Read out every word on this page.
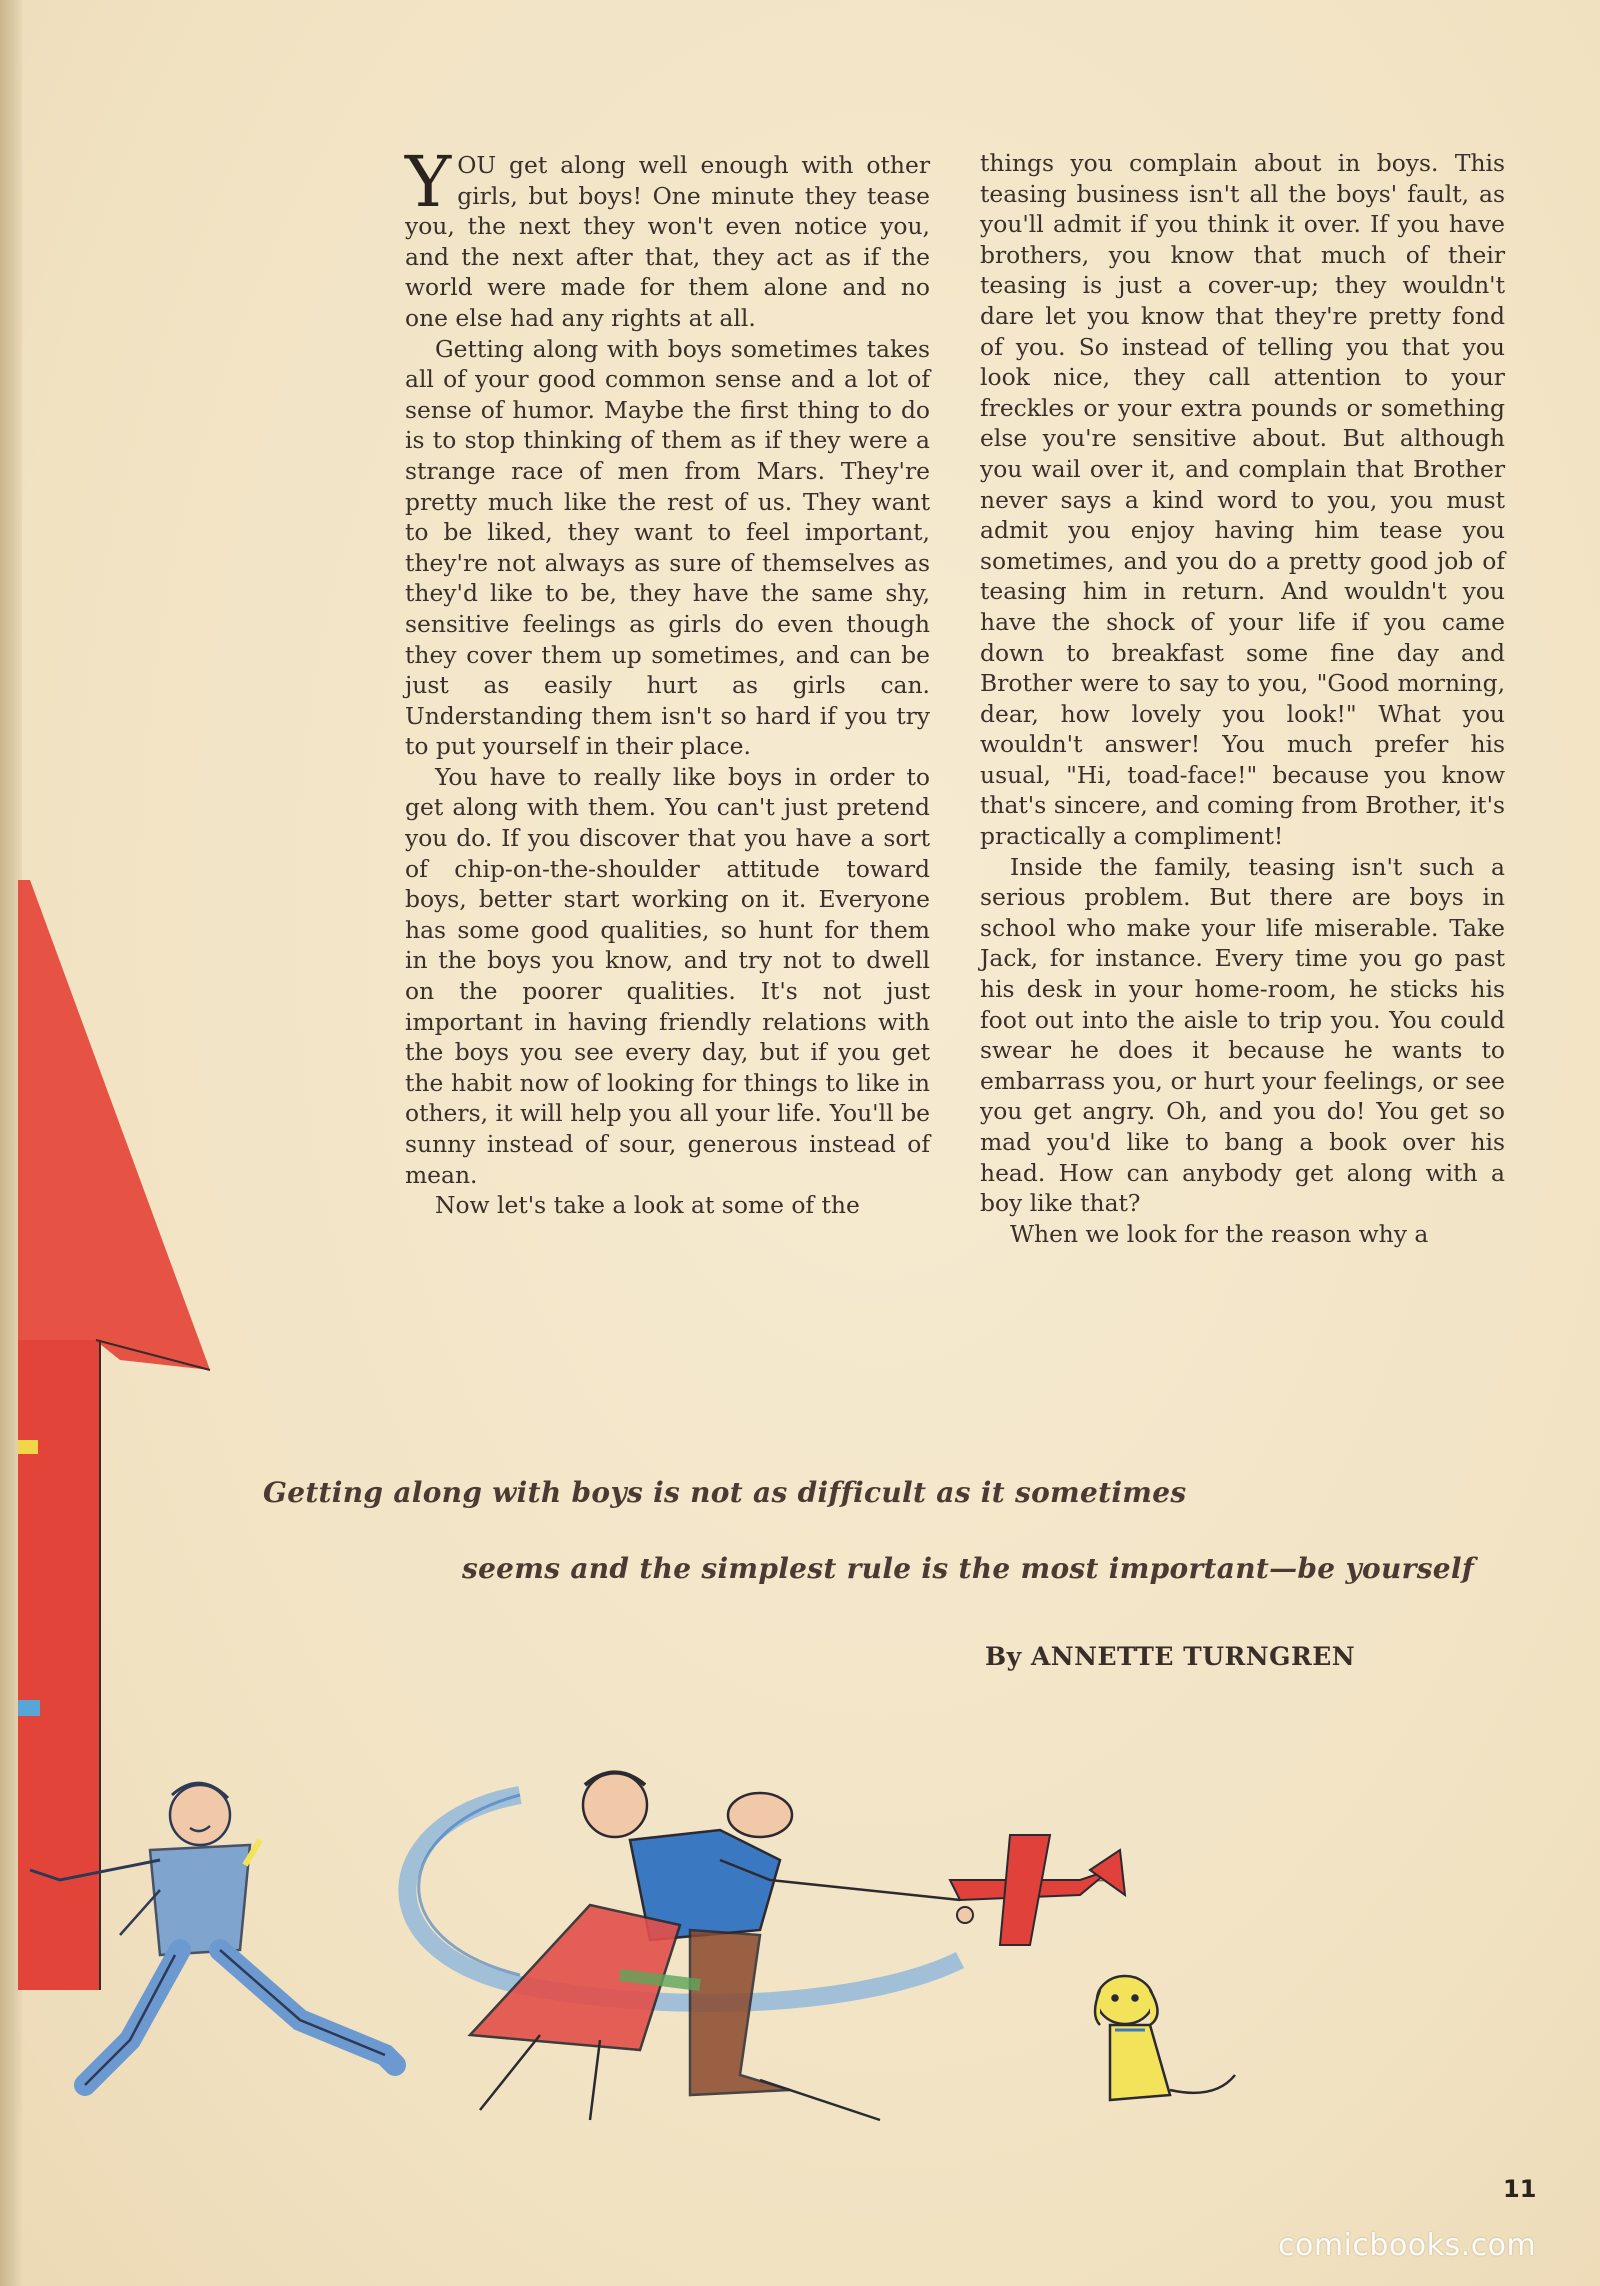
YOU get along well enough with other girls, but boys! One minute they tease you, the next they won't even notice you, and the next after that, they act as if the world were made for them alone and no one else had any rights at all.

Getting along with boys sometimes takes all of your good common sense and a lot of sense of humor. Maybe the first thing to do is to stop thinking of them as if they were a strange race of men from Mars. They're pretty much like the rest of us. They want to be liked, they want to feel important, they're not always as sure of themselves as they'd like to be, they have the same shy, sensitive feelings as girls do even though they cover them up sometimes, and can be just as easily hurt as girls can. Understanding them isn't so hard if you try to put yourself in their place.

You have to really like boys in order to get along with them. You can't just pretend you do. If you discover that you have a sort of chip-on-the-shoulder attitude toward boys, better start working on it. Everyone has some good qualities, so hunt for them in the boys you know, and try not to dwell on the poorer qualities. It's not just important in having friendly relations with the boys you see every day, but if you get the habit now of looking for things to like in others, it will help you all your life. You'll be sunny instead of sour, generous instead of mean.

Now let's take a look at some of the

things you complain about in boys. This teasing business isn't all the boys' fault, as you'll admit if you think it over. If you have brothers, you know that much of their teasing is just a cover-up; they wouldn't dare let you know that they're pretty fond of you. So instead of telling you that you look nice, they call attention to your freckles or your extra pounds or something else you're sensitive about. But although you wail over it, and complain that Brother never says a kind word to you, you must admit you enjoy having him tease you sometimes, and you do a pretty good job of teasing him in return. And wouldn't you have the shock of your life if you came down to breakfast some fine day and Brother were to say to you, "Good morning, dear, how lovely you look!" What you wouldn't answer! You much prefer his usual, "Hi, toad-face!" because you know that's sincere, and coming from Brother, it's practically a compliment!

Inside the family, teasing isn't such a serious problem. But there are boys in school who make your life miserable. Take Jack, for instance. Every time you go past his desk in your home-room, he sticks his foot out into the aisle to trip you. You could swear he does it because he wants to embarrass you, or hurt your feelings, or see you get angry. Oh, and you do! You get so mad you'd like to bang a book over his head. How can anybody get along with a boy like that?

When we look for the reason why a

Getting along with boys is not as difficult as it sometimes
seems and the simplest rule is the most important—be yourself
By ANNETTE TURNGREN
11
comicbooks.com
